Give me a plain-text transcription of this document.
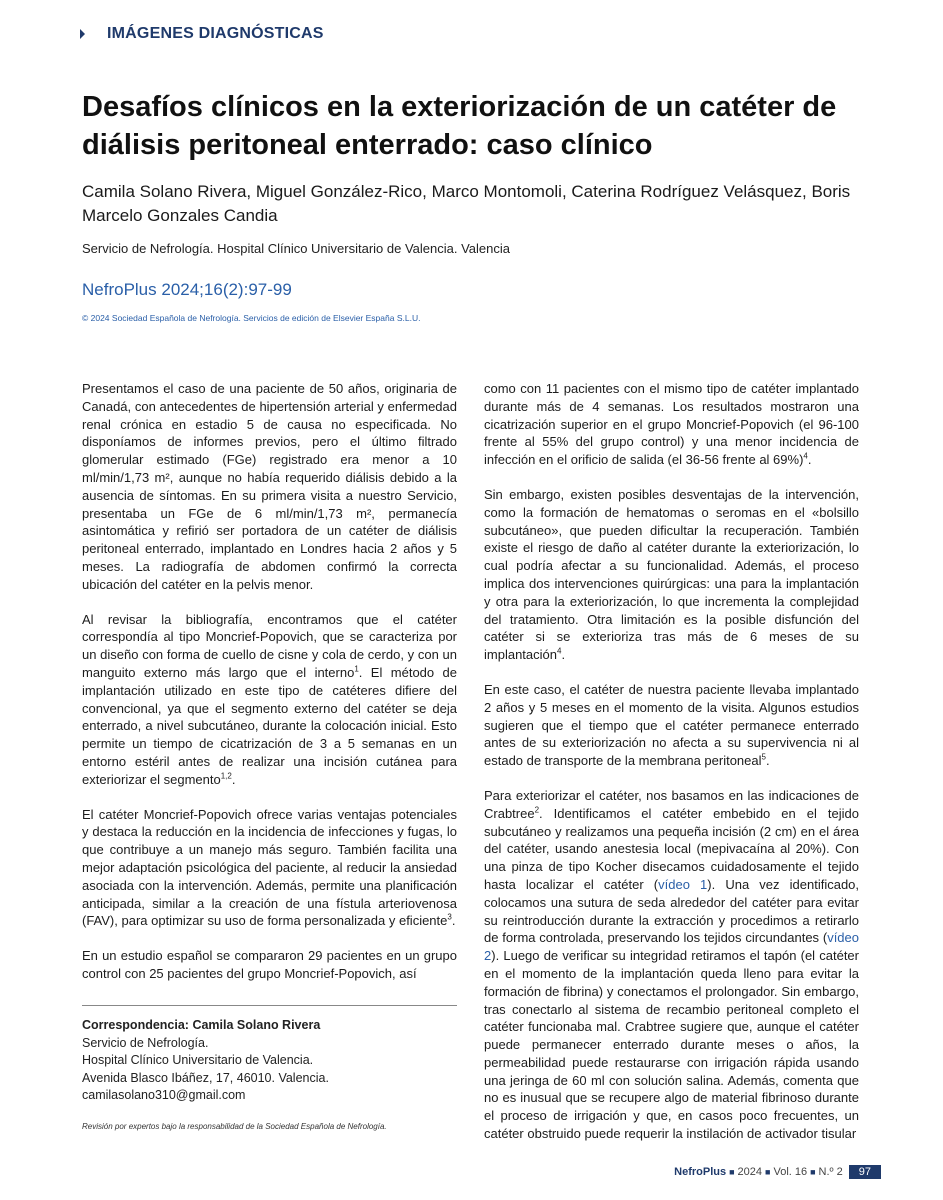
IMÁGENES DIAGNÓSTICAS
Desafíos clínicos en la exteriorización de un catéter de diálisis peritoneal enterrado: caso clínico
Camila Solano Rivera, Miguel González-Rico, Marco Montomoli, Caterina Rodríguez Velásquez, Boris Marcelo Gonzales Candia
Servicio de Nefrología. Hospital Clínico Universitario de Valencia. Valencia
NefroPlus 2024;16(2):97-99
© 2024 Sociedad Española de Nefrología. Servicios de edición de Elsevier España S.L.U.

Presentamos el caso de una paciente de 50 años, originaria de Canadá, con antecedentes de hipertensión arterial y enfermedad renal crónica en estadio 5 de causa no especificada. No disponíamos de informes previos, pero el último filtrado glomerular estimado (FGe) registrado era menor a 10 ml/min/1,73 m², aunque no había requerido diálisis debido a la ausencia de síntomas. En su primera visita a nuestro Servicio, presentaba un FGe de 6 ml/min/1,73 m², permanecía asintomática y refirió ser portadora de un catéter de diálisis peritoneal enterrado, implantado en Londres hacia 2 años y 5 meses. La radiografía de abdomen confirmó la correcta ubicación del catéter en la pelvis menor.

Al revisar la bibliografía, encontramos que el catéter correspondía al tipo Moncrief-Popovich, que se caracteriza por un diseño con forma de cuello de cisne y cola de cerdo, y con un manguito externo más largo que el interno$^1$. El método de implantación utilizado en este tipo de catéteres difiere del convencional, ya que el segmento externo del catéter se deja enterrado, a nivel subcutáneo, durante la colocación inicial. Esto permite un tiempo de cicatrización de 3 a 5 semanas en un entorno estéril antes de realizar una incisión cutánea para exteriorizar el segmento$^{1,2}$.

El catéter Moncrief-Popovich ofrece varias ventajas potenciales y destaca la reducción en la incidencia de infecciones y fugas, lo que contribuye a un manejo más seguro. También facilita una mejor adaptación psicológica del paciente, al reducir la ansiedad asociada con la intervención. Además, permite una planificación anticipada, similar a la creación de una fístula arteriovenosa (FAV), para optimizar su uso de forma personalizada y eficiente$^3$.

En un estudio español se compararon 29 pacientes en un grupo control con 25 pacientes del grupo Moncrief-Popovich, así

Correspondencia: Camila Solano Rivera
Servicio de Nefrología.
Hospital Clínico Universitario de Valencia.
Avenida Blasco Ibáñez, 17, 46010. Valencia.
camilasolano310@gmail.com
Revisión por expertos bajo la responsabilidad de la Sociedad Española de Nefrología.

como con 11 pacientes con el mismo tipo de catéter implantado durante más de 4 semanas. Los resultados mostraron una cicatrización superior en el grupo Moncrief-Popovich (el 96-100 frente al 55% del grupo control) y una menor incidencia de infección en el orificio de salida (el 36-56 frente al 69%)$^4$.

Sin embargo, existen posibles desventajas de la intervención, como la formación de hematomas o seromas en el «bolsillo subcutáneo», que pueden dificultar la recuperación. También existe el riesgo de daño al catéter durante la exteriorización, lo cual podría afectar a su funcionalidad. Además, el proceso implica dos intervenciones quirúrgicas: una para la implantación y otra para la exteriorización, lo que incrementa la complejidad del tratamiento. Otra limitación es la posible disfunción del catéter si se exterioriza tras más de 6 meses de su implantación$^4$.

En este caso, el catéter de nuestra paciente llevaba implantado 2 años y 5 meses en el momento de la visita. Algunos estudios sugieren que el tiempo que el catéter permanece enterrado antes de su exteriorización no afecta a su supervivencia ni al estado de transporte de la membrana peritoneal$^5$.

Para exteriorizar el catéter, nos basamos en las indicaciones de Crabtree$^2$. Identificamos el catéter embebido en el tejido subcutáneo y realizamos una pequeña incisión (2 cm) en el área del catéter, usando anestesia local (mepivacaína al 20%). Con una pinza de tipo Kocher disecamos cuidadosamente el tejido hasta localizar el catéter (vídeo 1). Una vez identificado, colocamos una sutura de seda alrededor del catéter para evitar su reintroducción durante la extracción y procedimos a retirarlo de forma controlada, preservando los tejidos circundantes (vídeo 2). Luego de verificar su integridad retiramos el tapón (el catéter en el momento de la implantación queda lleno para evitar la formación de fibrina) y conectamos el prolongador. Sin embargo, tras conectarlo al sistema de recambio peritoneal completo el catéter funcionaba mal. Crabtree sugiere que, aunque el catéter puede permanecer enterrado durante meses o años, la permeabilidad puede restaurarse con irrigación rápida usando una jeringa de 60 ml con solución salina. Además, comenta que no es inusual que se recupere algo de material fibrinoso durante el proceso de irrigación y que, en casos poco frecuentes, un catéter obstruido puede requerir la instilación de activador tisular

NefroPlus ■ 2024 ■ Vol. 16 ■ N.º 2	97
